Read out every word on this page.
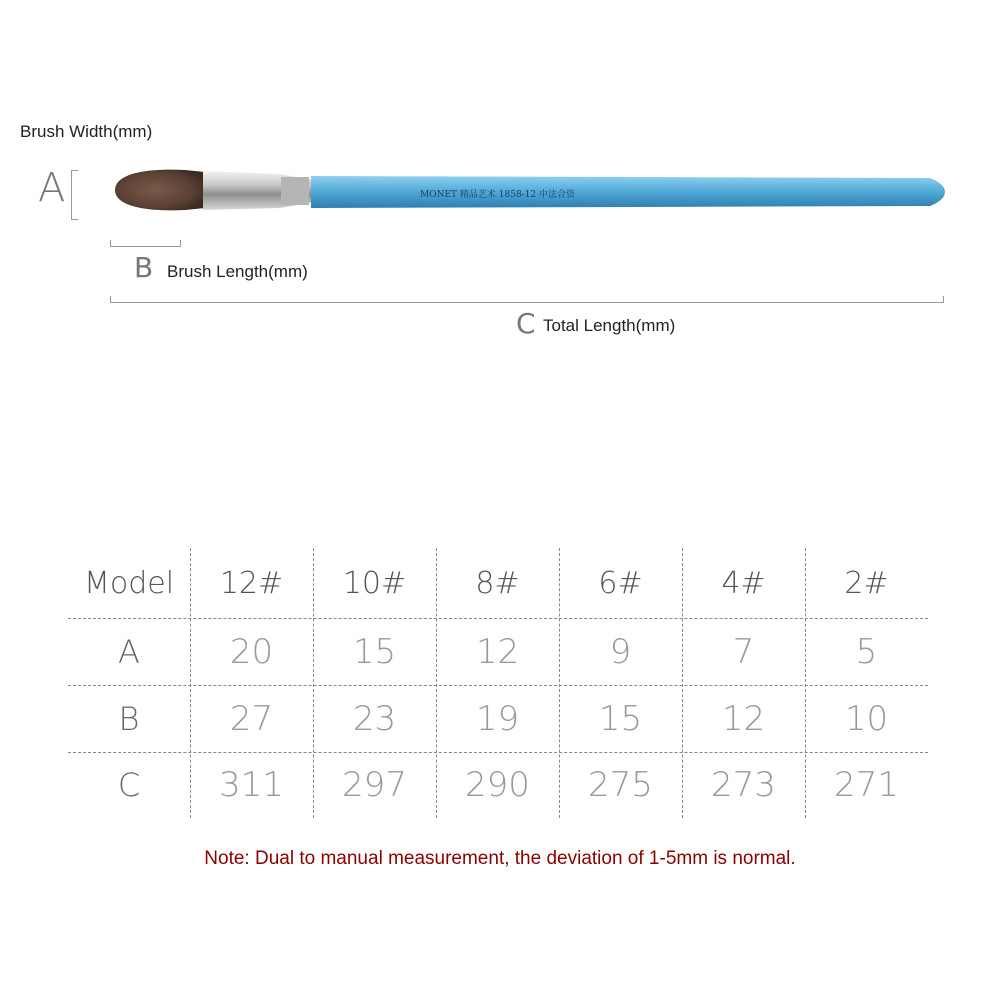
Brush Width(mm)
A	MONET 精品艺术 1858-12 中法合资
B Brush Length(mm)
C Total Length(mm)
Model	12#	10#	8#	6#	4#	2#
A	20	15	12	9	7	5
B	27	23	19	15	12	10
C	311	297	290	275	273	271
Note: Dual to manual measurement, the deviation of 1-5mm is normal.
